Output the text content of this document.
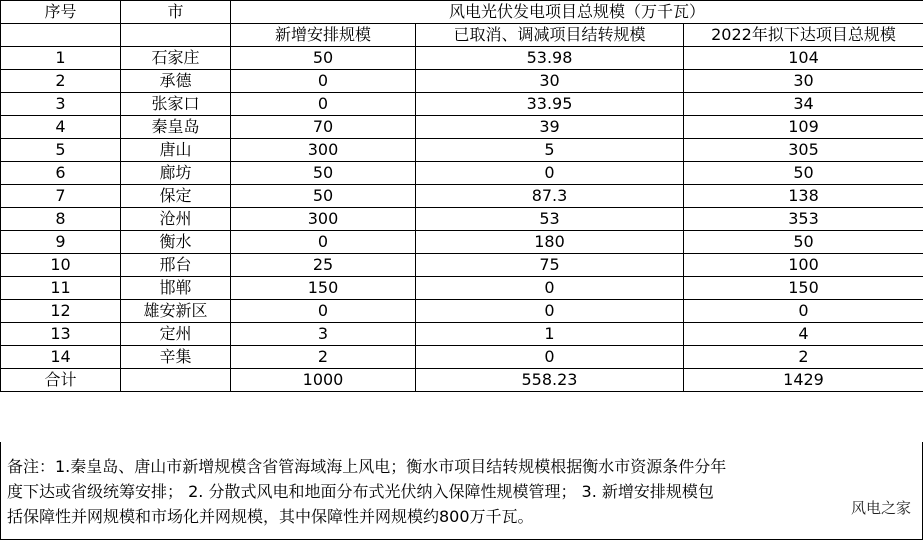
序号	市	风电光伏发电项目总规模（万千瓦）		
		新增安排规模	已取消、调减项目结转规模	2022年拟下达项目总规模
1	石家庄	50	53.98	104
2	承德	0	30	30
3	张家口	0	33.95	34
4	秦皇岛	70	39	109
5	唐山	300	5	305
6	廊坊	50	0	50
7	保定	50	87.3	138
8	沧州	300	53	353
9	衡水	0	180	50
10	邢台	25	75	100
11	邯郸	150	0	150
12	雄安新区	0	0	0
13	定州	3	1	4
14	辛集	2	0	2
合计		1000	558.23	1429
备注：1.秦皇岛、唐山市新增规模含省管海域海上风电；衡水市项目结转规模根据衡水市资源条件分年
度下达或省级统筹安排； 2. 分散式风电和地面分布式光伏纳入保障性规模管理； 3. 新增安排规模包
括保障性并网规模和市场化并网规模，其中保障性并网规模约800万千瓦。	风电之家
